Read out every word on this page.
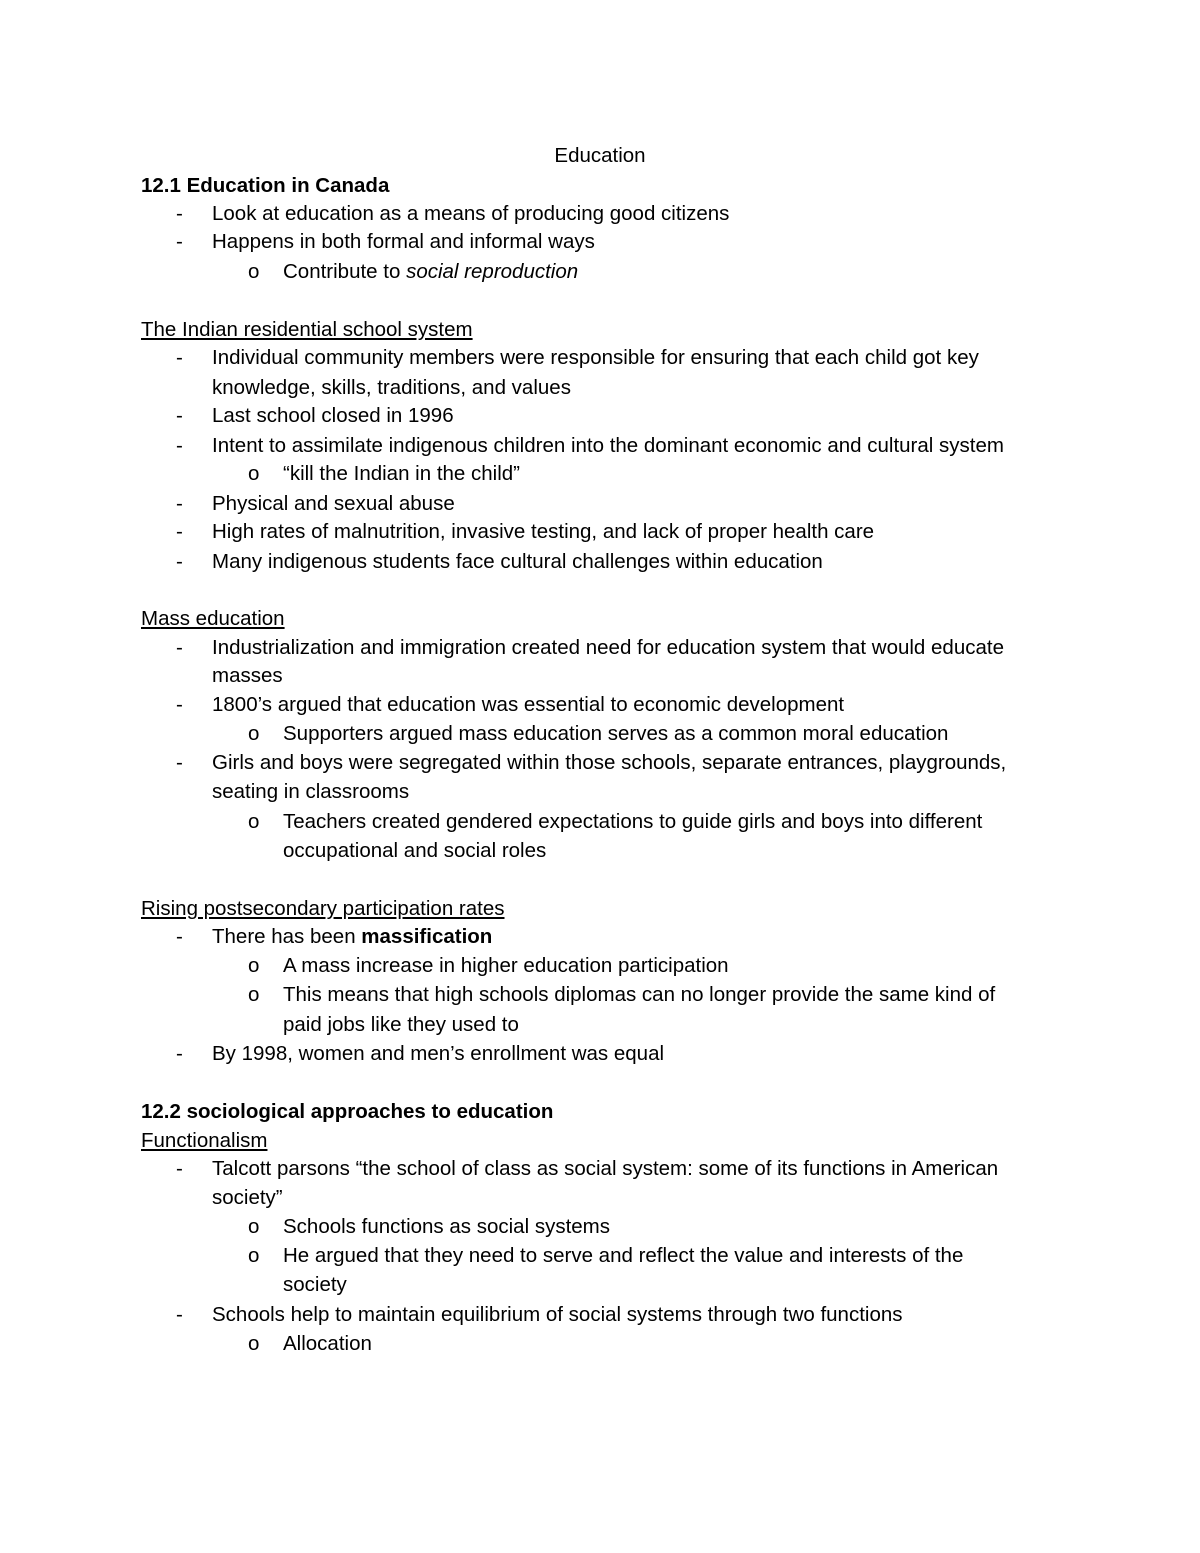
Education
12.1 Education in Canada
- Look at education as a means of producing good citizens
- Happens in both formal and informal ways
o Contribute to social reproduction
The Indian residential school system
- Individual community members were responsible for ensuring that each child got key
knowledge, skills, traditions, and values
- Last school closed in 1996
- Intent to assimilate indigenous children into the dominant economic and cultural system
o “kill the Indian in the child”
- Physical and sexual abuse
- High rates of malnutrition, invasive testing, and lack of proper health care
- Many indigenous students face cultural challenges within education
Mass education
- Industrialization and immigration created need for education system that would educate
masses
- 1800’s argued that education was essential to economic development
o Supporters argued mass education serves as a common moral education
- Girls and boys were segregated within those schools, separate entrances, playgrounds,
seating in classrooms
o Teachers created gendered expectations to guide girls and boys into different
occupational and social roles
Rising postsecondary participation rates
- There has been massification
o A mass increase in higher education participation
o This means that high schools diplomas can no longer provide the same kind of
paid jobs like they used to
- By 1998, women and men’s enrollment was equal
12.2 sociological approaches to education
Functionalism
- Talcott parsons “the school of class as social system: some of its functions in American
society”
o Schools functions as social systems
o He argued that they need to serve and reflect the value and interests of the
society
- Schools help to maintain equilibrium of social systems through two functions
o Allocation
